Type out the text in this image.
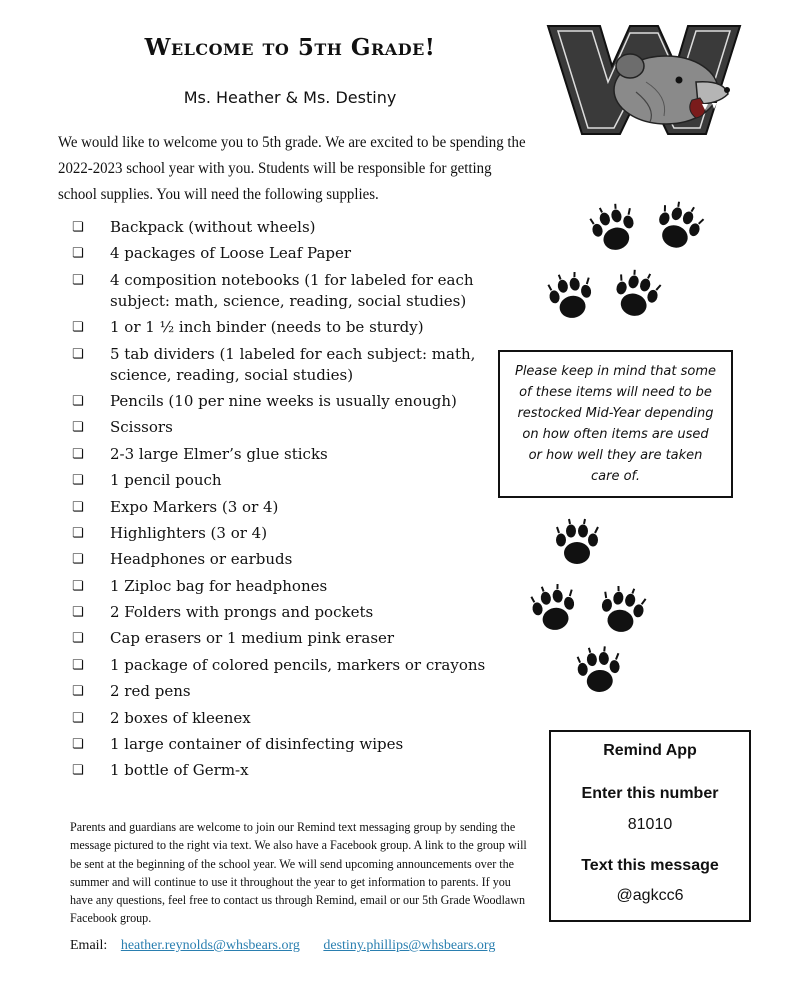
Welcome to 5th Grade!
Ms. Heather & Ms. Destiny
We would like to welcome you to 5th grade. We are excited to be spending the 2022-2023 school year with you. Students will be responsible for getting school supplies. You will need the following supplies.
❏	Backpack (without wheels)
❏	4 packages of Loose Leaf Paper
❏	4 composition notebooks (1 for labeled for each subject: math, science, reading, social studies)
❏	1 or 1 ½ inch binder (needs to be sturdy)
❏	5 tab dividers (1 labeled for each subject: math, science, reading, social studies)
❏	Pencils (10 per nine weeks is usually enough)
❏	Scissors
❏	2-3 large Elmer’s glue sticks
❏	1 pencil pouch
❏	Expo Markers (3 or 4)
❏	Highlighters (3 or 4)
❏	Headphones or earbuds
❏	1 Ziploc bag for headphones
❏	2 Folders with prongs and pockets
❏	Cap erasers or 1 medium pink eraser
❏	1 package of colored pencils, markers or crayons
❏	2 red pens
❏	2 boxes of kleenex
❏	1 large container of disinfecting wipes
❏	1 bottle of Germ-x
Please keep in mind that some of these items will need to be restocked Mid-Year depending on how often items are used or how well they are taken care of.
Remind App
Enter this number
81010
Text this message
@agkcc6
Parents and guardians are welcome to join our Remind text messaging group by sending the message pictured to the right via text. We also have a Facebook group. A link to the group will be sent at the beginning of the school year. We will send upcoming announcements over the summer and will continue to use it throughout the year to get information to parents. If you have any questions, feel free to contact us through Remind, email or our 5th Grade Woodlawn Facebook group.
Email: heather.reynolds@whsbears.org destiny.phillips@whsbears.org
